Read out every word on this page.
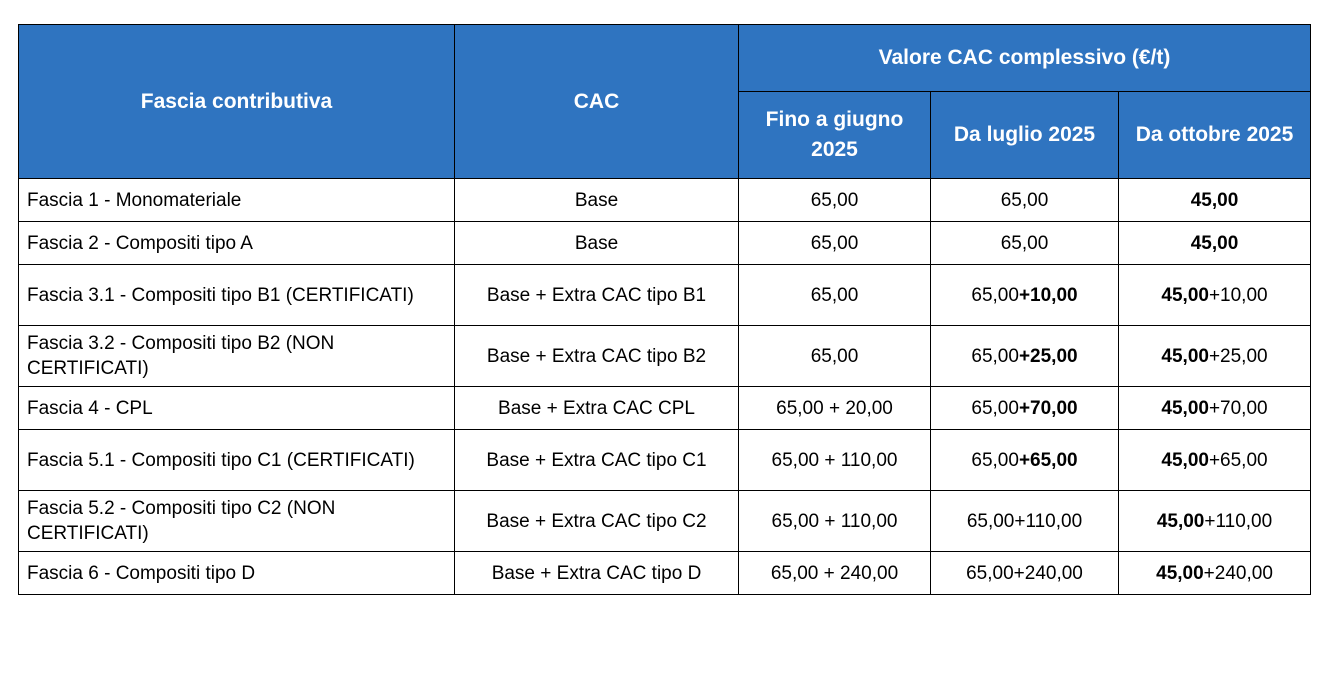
Fascia contributiva	CAC	Valore CAC complessivo (€/t)		
		Fino a giugno 2025	Da luglio 2025	Da ottobre 2025
Fascia 1 - Monomateriale	Base	65,00	65,00	45,00
Fascia 2 - Compositi tipo A	Base	65,00	65,00	45,00
Fascia 3.1 - Compositi tipo B1 (CERTIFICATI)	Base + Extra CAC tipo B1	65,00	65,00+10,00	45,00+10,00
Fascia 3.2 - Compositi tipo B2 (NON CERTIFICATI)	Base + Extra CAC tipo B2	65,00	65,00+25,00	45,00+25,00
Fascia 4 - CPL	Base + Extra CAC CPL	65,00 + 20,00	65,00+70,00	45,00+70,00
Fascia 5.1 - Compositi tipo C1 (CERTIFICATI)	Base + Extra CAC tipo C1	65,00 + 110,00	65,00+65,00	45,00+65,00
Fascia 5.2 - Compositi tipo C2 (NON CERTIFICATI)	Base + Extra CAC tipo C2	65,00 + 110,00	65,00+110,00	45,00+110,00
Fascia 6 - Compositi tipo D	Base + Extra CAC tipo D	65,00 + 240,00	65,00+240,00	45,00+240,00
